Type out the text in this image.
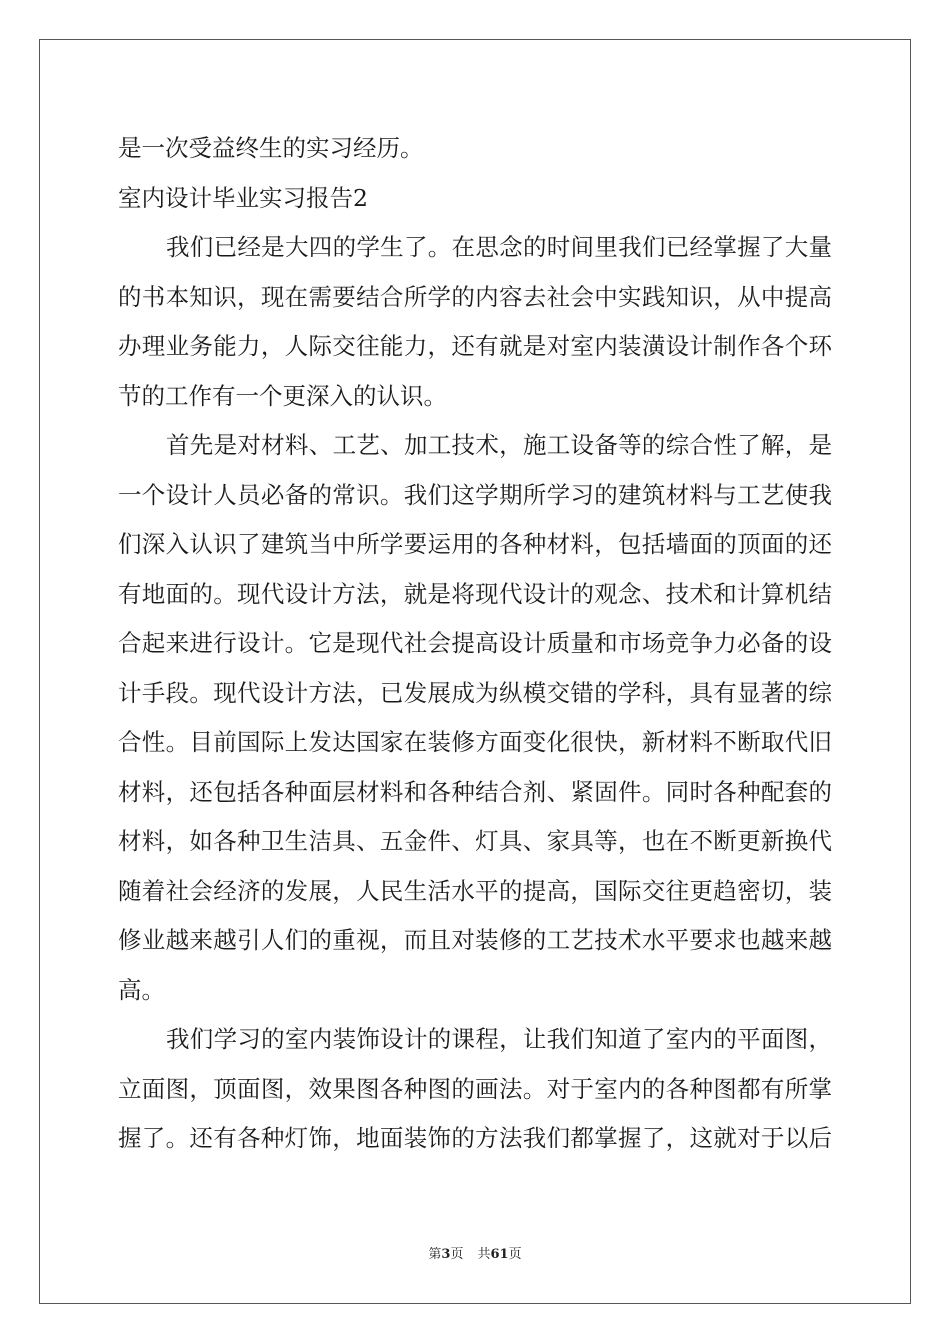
是一次受益终生的实习经历。
室内设计毕业实习报告2
我们已经是大四的学生了。在思念的时间里我们已经掌握了大量
的书本知识，现在需要结合所学的内容去社会中实践知识，从中提高
办理业务能力，人际交往能力，还有就是对室内装潢设计制作各个环
节的工作有一个更深入的认识。
首先是对材料、工艺、加工技术，施工设备等的综合性了解，是
一个设计人员必备的常识。我们这学期所学习的建筑材料与工艺使我
们深入认识了建筑当中所学要运用的各种材料，包括墙面的顶面的还
有地面的。现代设计方法，就是将现代设计的观念、技术和计算机结
合起来进行设计。它是现代社会提高设计质量和市场竞争力必备的设
计手段。现代设计方法，已发展成为纵模交错的学科，具有显著的综
合性。目前国际上发达国家在装修方面变化很快，新材料不断取代旧
材料，还包括各种面层材料和各种结合剂、紧固件。同时各种配套的
材料，如各种卫生洁具、五金件、灯具、家具等，也在不断更新换代
随着社会经济的发展，人民生活水平的提高，国际交往更趋密切，装
修业越来越引人们的重视，而且对装修的工艺技术水平要求也越来越
高。
我们学习的室内装饰设计的课程，让我们知道了室内的平面图，
立面图，顶面图，效果图各种图的画法。对于室内的各种图都有所掌
握了。还有各种灯饰，地面装饰的方法我们都掌握了，这就对于以后
第3页 共61页
